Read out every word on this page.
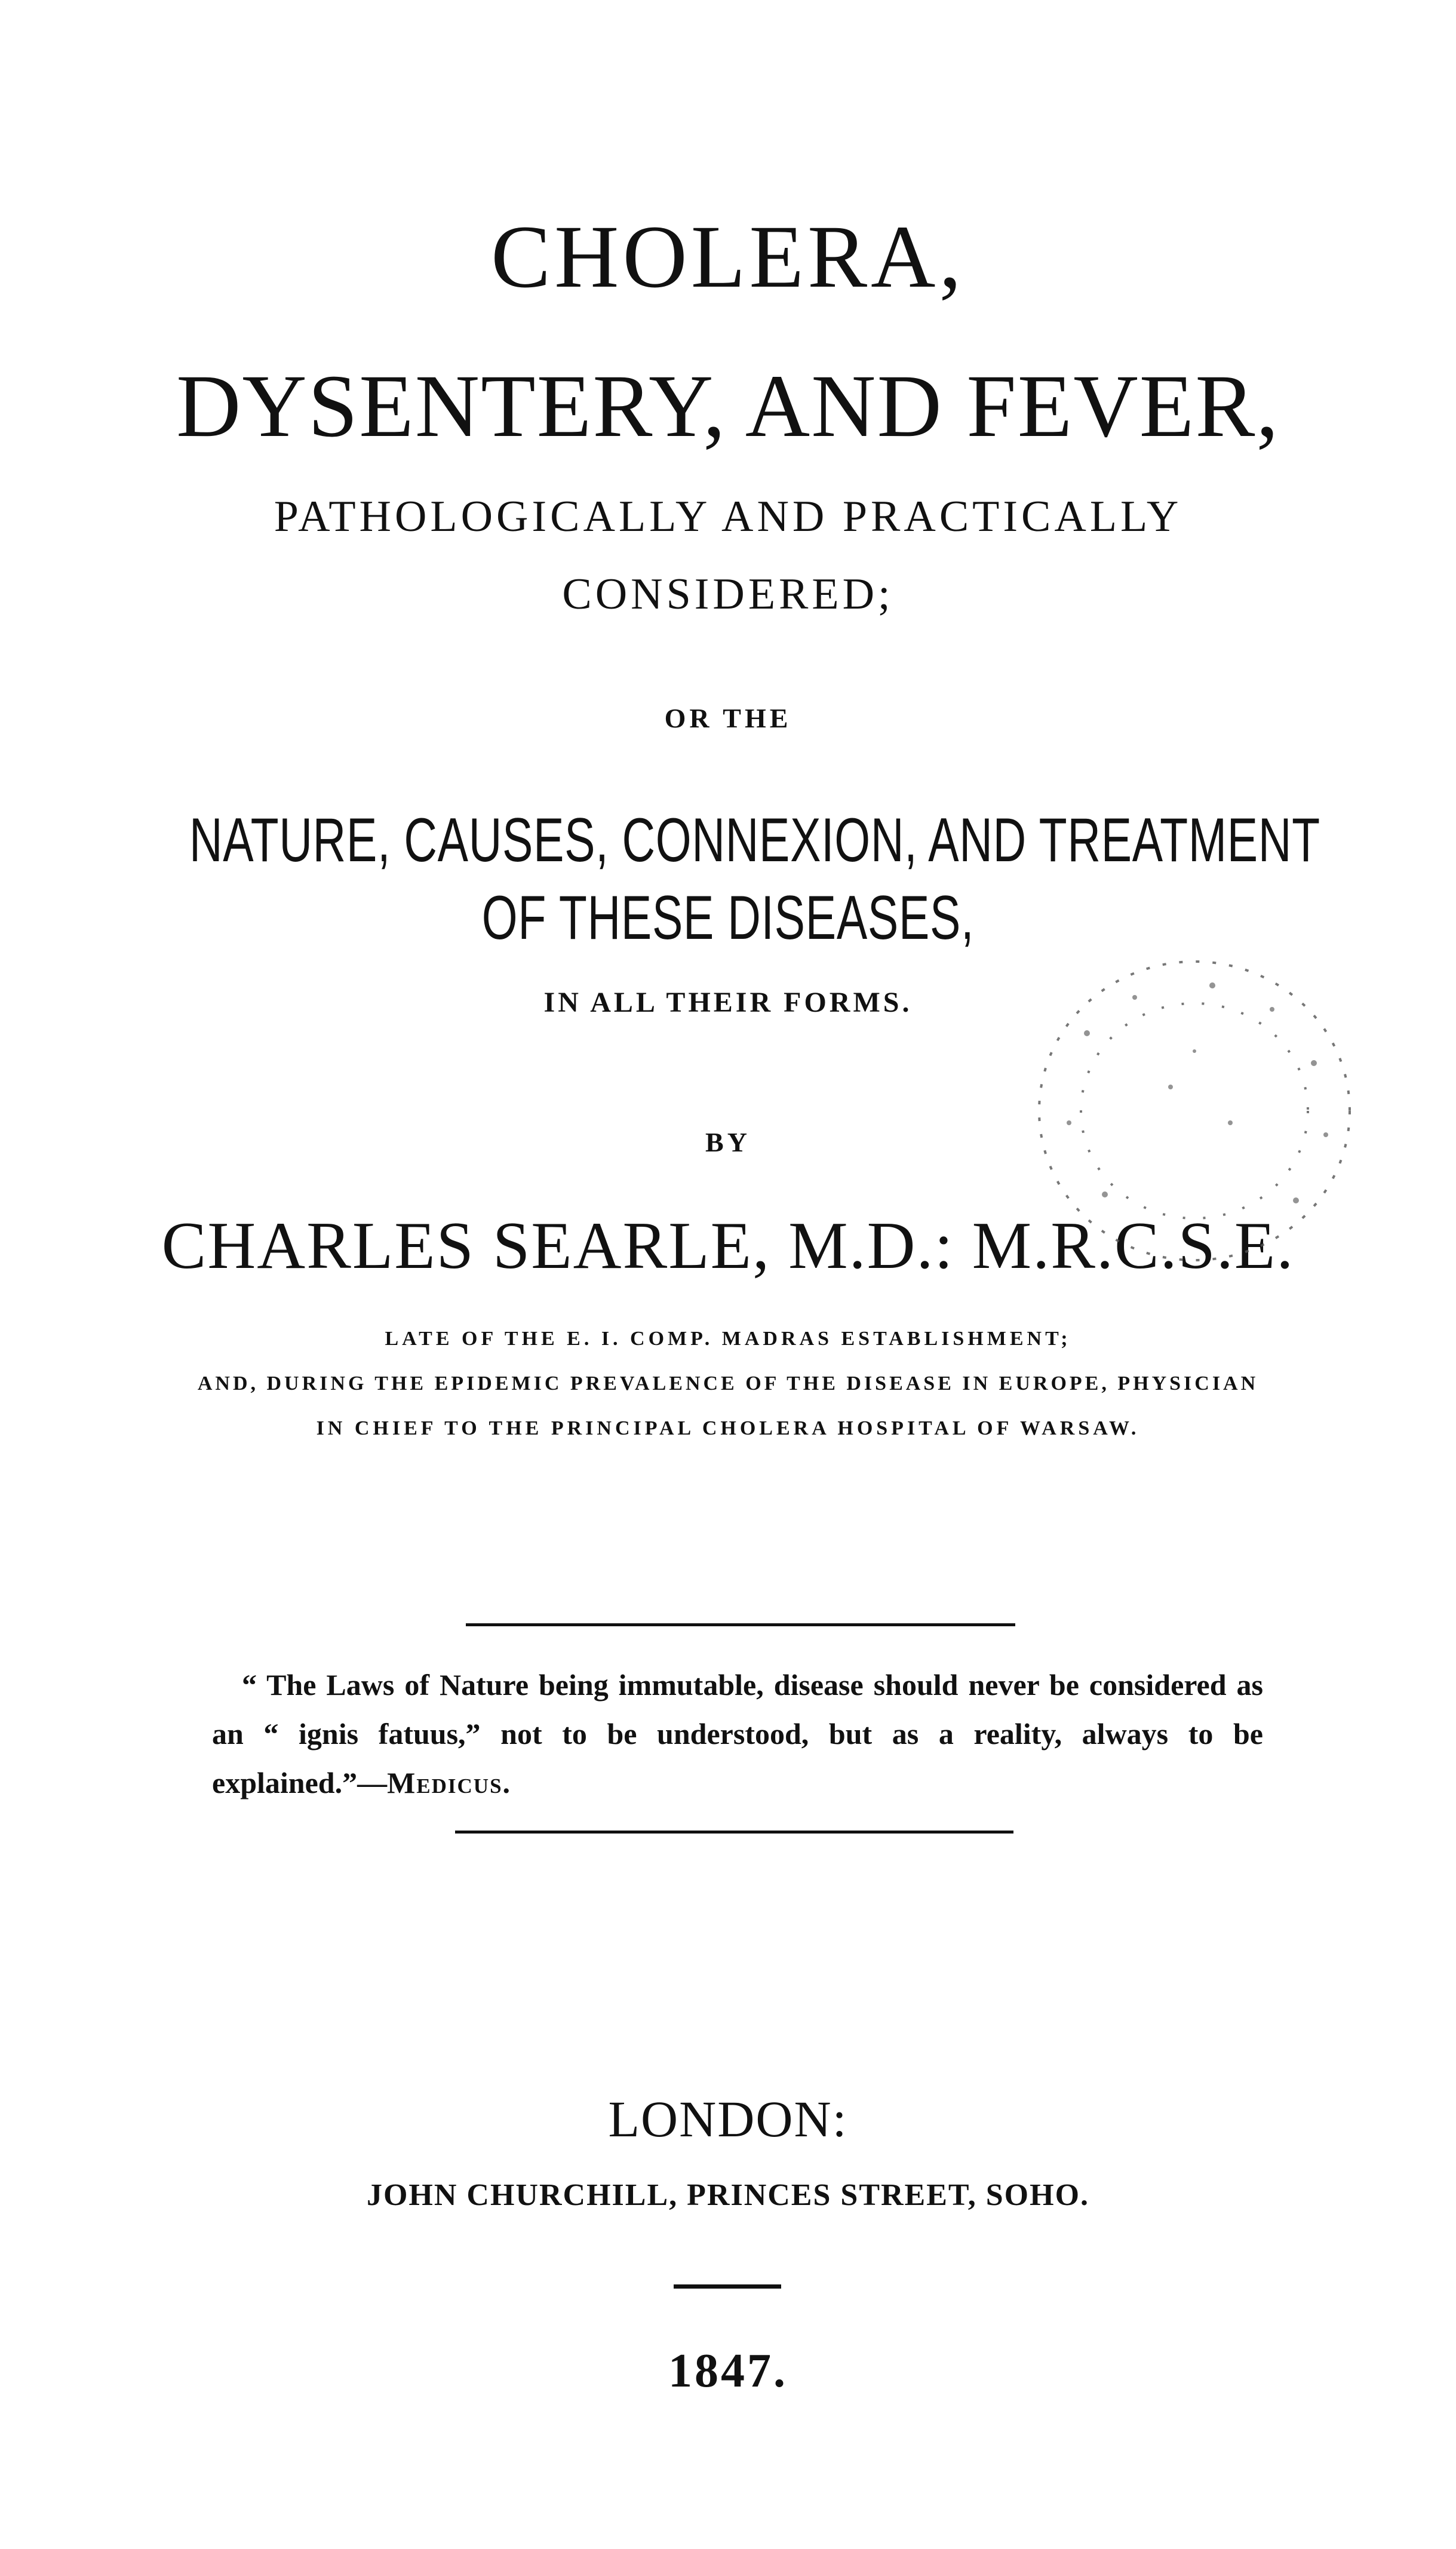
CHOLERA,
DYSENTERY, AND FEVER,
PATHOLOGICALLY AND PRACTICALLY
CONSIDERED;
OR THE
NATURE, CAUSES, CONNEXION, AND TREATMENT
OF THESE DISEASES,
IN ALL THEIR FORMS.
BY
CHARLES SEARLE, M.D.: M.R.C.S.E.
LATE OF THE E. I. COMP. MADRAS ESTABLISHMENT;
AND, DURING THE EPIDEMIC PREVALENCE OF THE DISEASE IN EUROPE, PHYSICIAN
IN CHIEF TO THE PRINCIPAL CHOLERA HOSPITAL OF WARSAW.
“ The Laws of Nature being immutable, disease should never be considered as an “ ignis fatuus,” not to be understood, but as a reality, always to be explained.”—Medicus.
LONDON:
JOHN CHURCHILL, PRINCES STREET, SOHO.
1847.
